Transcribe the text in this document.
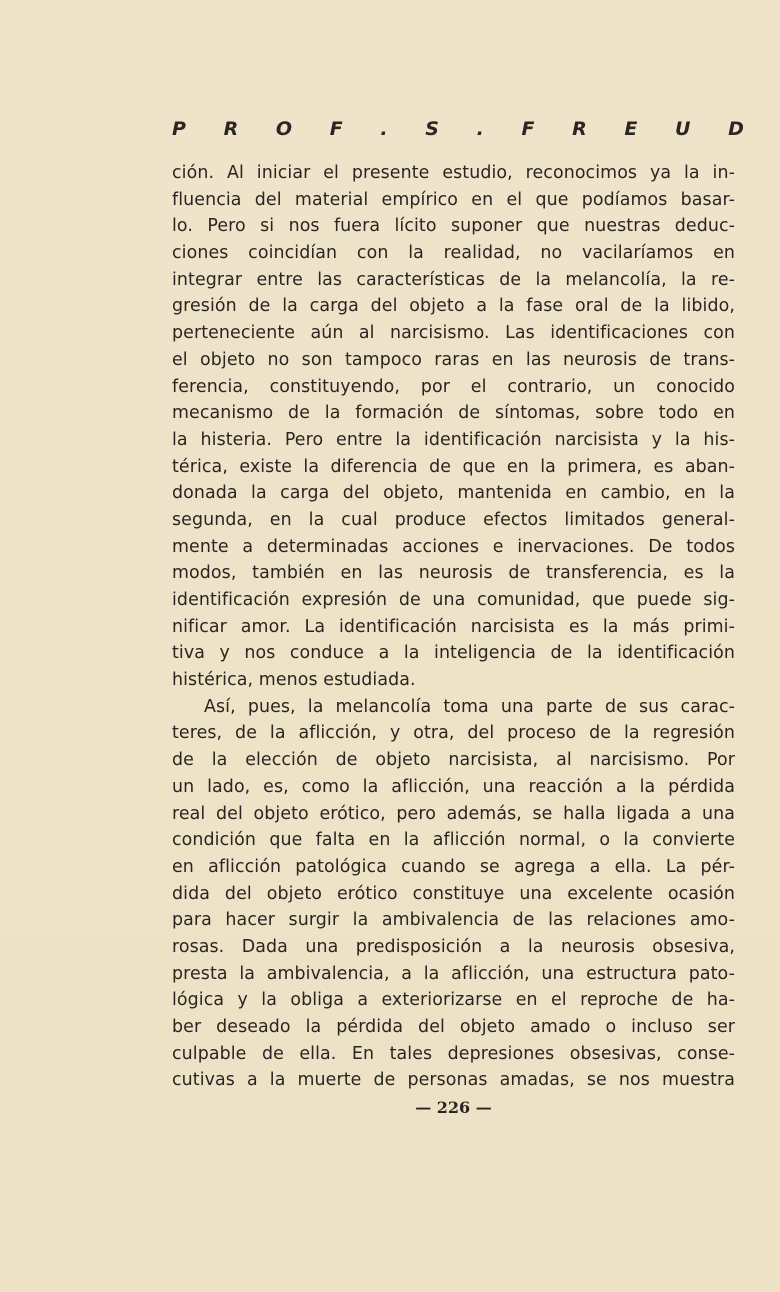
P R O F . S . F R E U D
ción. Al iniciar el presente estudio, reconocimos ya la in-
fluencia del material empírico en el que podíamos basar-
lo. Pero si nos fuera lícito suponer que nuestras deduc-
ciones coincidían con la realidad, no vacilaríamos en
integrar entre las características de la melancolía, la re-
gresión de la carga del objeto a la fase oral de la libido,
perteneciente aún al narcisismo. Las identificaciones con
el objeto no son tampoco raras en las neurosis de trans-
ferencia, constituyendo, por el contrario, un conocido
mecanismo de la formación de síntomas, sobre todo en
la histeria. Pero entre la identificación narcisista y la his-
térica, existe la diferencia de que en la primera, es aban-
donada la carga del objeto, mantenida en cambio, en la
segunda, en la cual produce efectos limitados general-
mente a determinadas acciones e inervaciones. De todos
modos, también en las neurosis de transferencia, es la
identificación expresión de una comunidad, que puede sig-
nificar amor. La identificación narcisista es la más primi-
tiva y nos conduce a la inteligencia de la identificación
histérica, menos estudiada.
Así, pues, la melancolía toma una parte de sus carac-
teres, de la aflicción, y otra, del proceso de la regresión
de la elección de objeto narcisista, al narcisismo. Por
un lado, es, como la aflicción, una reacción a la pérdida
real del objeto erótico, pero además, se halla ligada a una
condición que falta en la aflicción normal, o la convierte
en aflicción patológica cuando se agrega a ella. La pér-
dida del objeto erótico constituye una excelente ocasión
para hacer surgir la ambivalencia de las relaciones amo-
rosas. Dada una predisposición a la neurosis obsesiva,
presta la ambivalencia, a la aflicción, una estructura pato-
lógica y la obliga a exteriorizarse en el reproche de ha-
ber deseado la pérdida del objeto amado o incluso ser
culpable de ella. En tales depresiones obsesivas, conse-
cutivas a la muerte de personas amadas, se nos muestra
— 226 —
